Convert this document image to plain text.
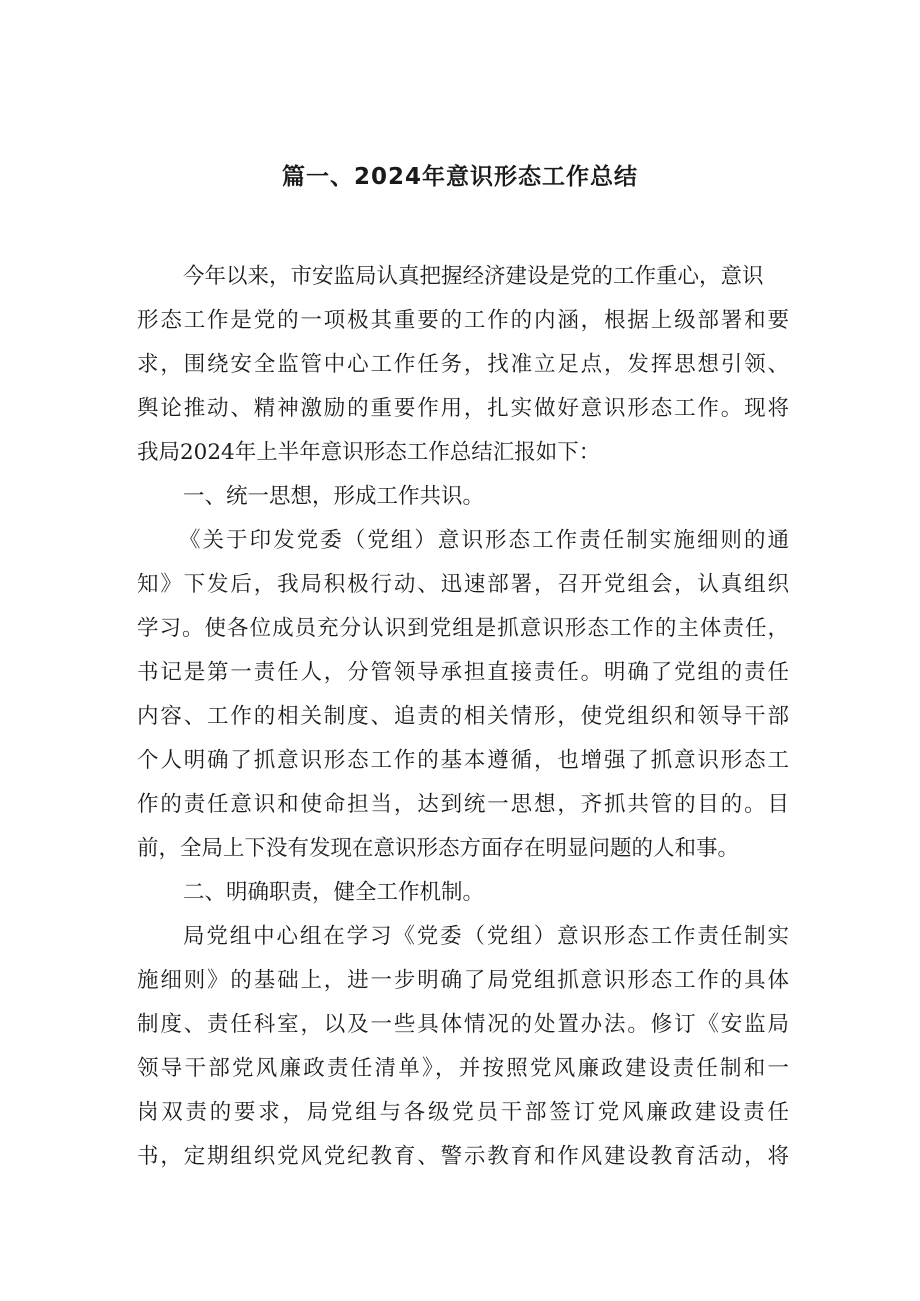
篇一、2024年意识形态工作总结
今年以来，市安监局认真把握经济建设是党的工作重心，意识
形态工作是党的一项极其重要的工作的内涵，根据上级部署和要
求，围绕安全监管中心工作任务，找准立足点，发挥思想引领、
舆论推动、精神激励的重要作用，扎实做好意识形态工作。现将
我局2024年上半年意识形态工作总结汇报如下：
一、统一思想，形成工作共识。
《关于印发党委（党组）意识形态工作责任制实施细则的通
知》下发后，我局积极行动、迅速部署，召开党组会，认真组织
学习。使各位成员充分认识到党组是抓意识形态工作的主体责任，
书记是第一责任人，分管领导承担直接责任。明确了党组的责任
内容、工作的相关制度、追责的相关情形，使党组织和领导干部
个人明确了抓意识形态工作的基本遵循，也增强了抓意识形态工
作的责任意识和使命担当，达到统一思想，齐抓共管的目的。目
前，全局上下没有发现在意识形态方面存在明显问题的人和事。
二、明确职责，健全工作机制。
局党组中心组在学习《党委（党组）意识形态工作责任制实
施细则》的基础上，进一步明确了局党组抓意识形态工作的具体
制度、责任科室，以及一些具体情况的处置办法。修订《安监局
领导干部党风廉政责任清单》，并按照党风廉政建设责任制和一
岗双责的要求，局党组与各级党员干部签订党风廉政建设责任
书，定期组织党风党纪教育、警示教育和作风建设教育活动，将
